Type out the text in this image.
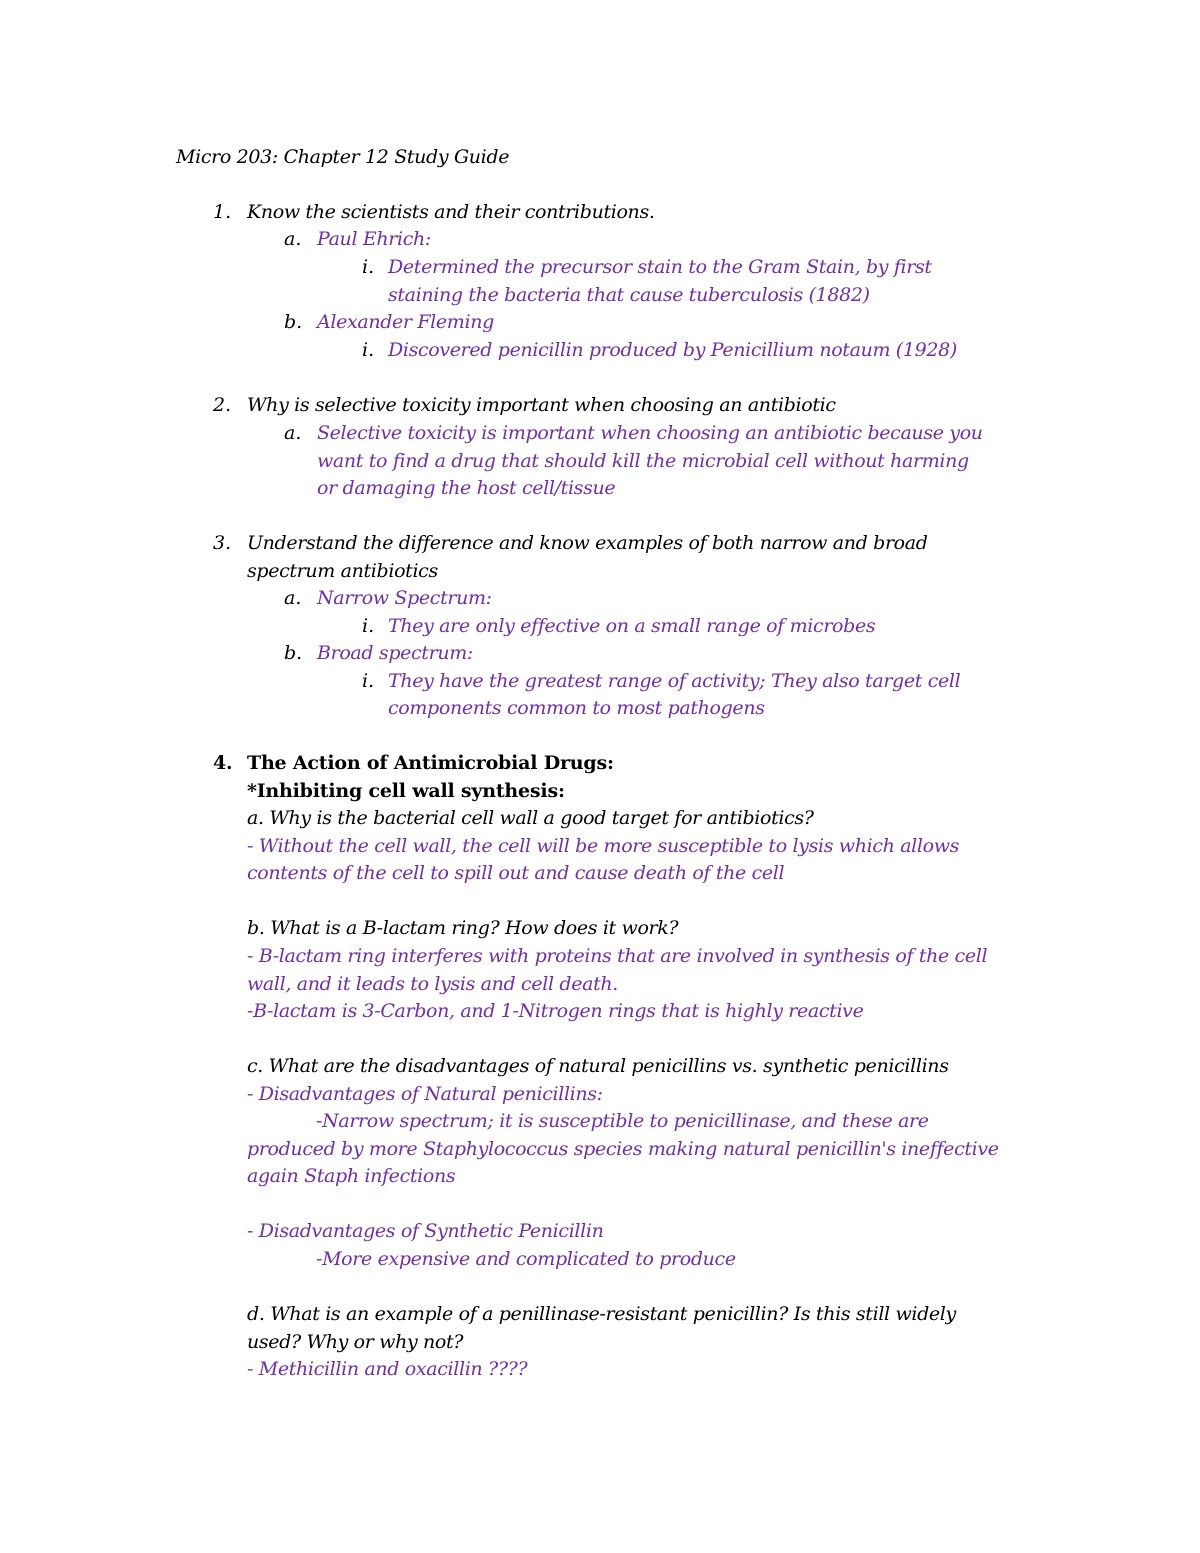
Micro 203: Chapter 12 Study Guide
1. Know the scientists and their contributions.
a. Paul Ehrich:
i. Determined the precursor stain to the Gram Stain, by first
staining the bacteria that cause tuberculosis (1882)
b. Alexander Fleming
i. Discovered penicillin produced by Penicillium notaum (1928)
2. Why is selective toxicity important when choosing an antibiotic
a. Selective toxicity is important when choosing an antibiotic because you
want to find a drug that should kill the microbial cell without harming
or damaging the host cell/tissue
3. Understand the difference and know examples of both narrow and broad
spectrum antibiotics
a. Narrow Spectrum:
i. They are only effective on a small range of microbes
b. Broad spectrum:
i. They have the greatest range of activity; They also target cell
components common to most pathogens
4. The Action of Antimicrobial Drugs:
*Inhibiting cell wall synthesis:
a. Why is the bacterial cell wall a good target for antibiotics?
- Without the cell wall, the cell will be more susceptible to lysis which allows
contents of the cell to spill out and cause death of the cell
b. What is a B-lactam ring? How does it work?
- B-lactam ring interferes with proteins that are involved in synthesis of the cell
wall, and it leads to lysis and cell death.
-B-lactam is 3-Carbon, and 1-Nitrogen rings that is highly reactive
c. What are the disadvantages of natural penicillins vs. synthetic penicillins
- Disadvantages of Natural penicillins:
-Narrow spectrum; it is susceptible to penicillinase, and these are
produced by more Staphylococcus species making natural penicillin's ineffective
again Staph infections
- Disadvantages of Synthetic Penicillin
-More expensive and complicated to produce
d. What is an example of a penillinase-resistant penicillin? Is this still widely
used? Why or why not?
- Methicillin and oxacillin ????
